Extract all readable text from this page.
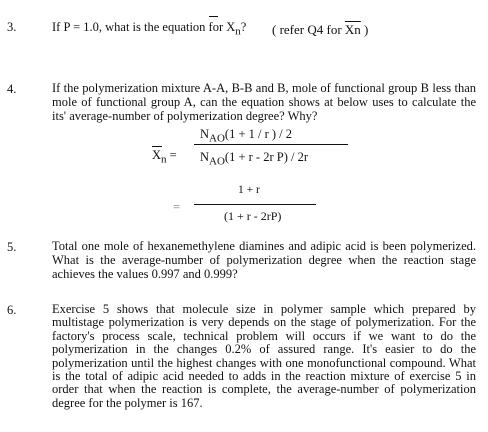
3.	If P = 1.0, what is the equation for $X_n$? ( refer Q4 for $\overline{Xn}$ )
4.	If the polymerization mixture A-A, B-B and B, mole of functional group B less than mole of functional group A, can the equation shows at below uses to calculate the its' average-number of polymerization degree? Why?
$N_{AO}(1 + 1 / r$ ) / 2
$X_n = N_{AO}(1 + r - 2r$ P) / 2r
1 + r
=
(1 + r - 2rP)
5.	Total one mole of hexanemethylene diamines and adipic acid is been polymerized. What is the average-number of polymerization degree when the reaction stage achieves the values 0.997 and 0.999?
6.	Exercise 5 shows that molecule size in polymer sample which prepared by multistage polymerization is very depends on the stage of polymerization. For the factory's process scale, technical problem will occurs if we want to do the polymerization in the changes 0.2% of assured range. It's easier to do the polymerization until the highest changes with one monofunctional compound. What is the total of adipic acid needed to adds in the reaction mixture of exercise 5 in order that when the reaction is complete, the average-number of polymerization degree for the polymer is 167.
